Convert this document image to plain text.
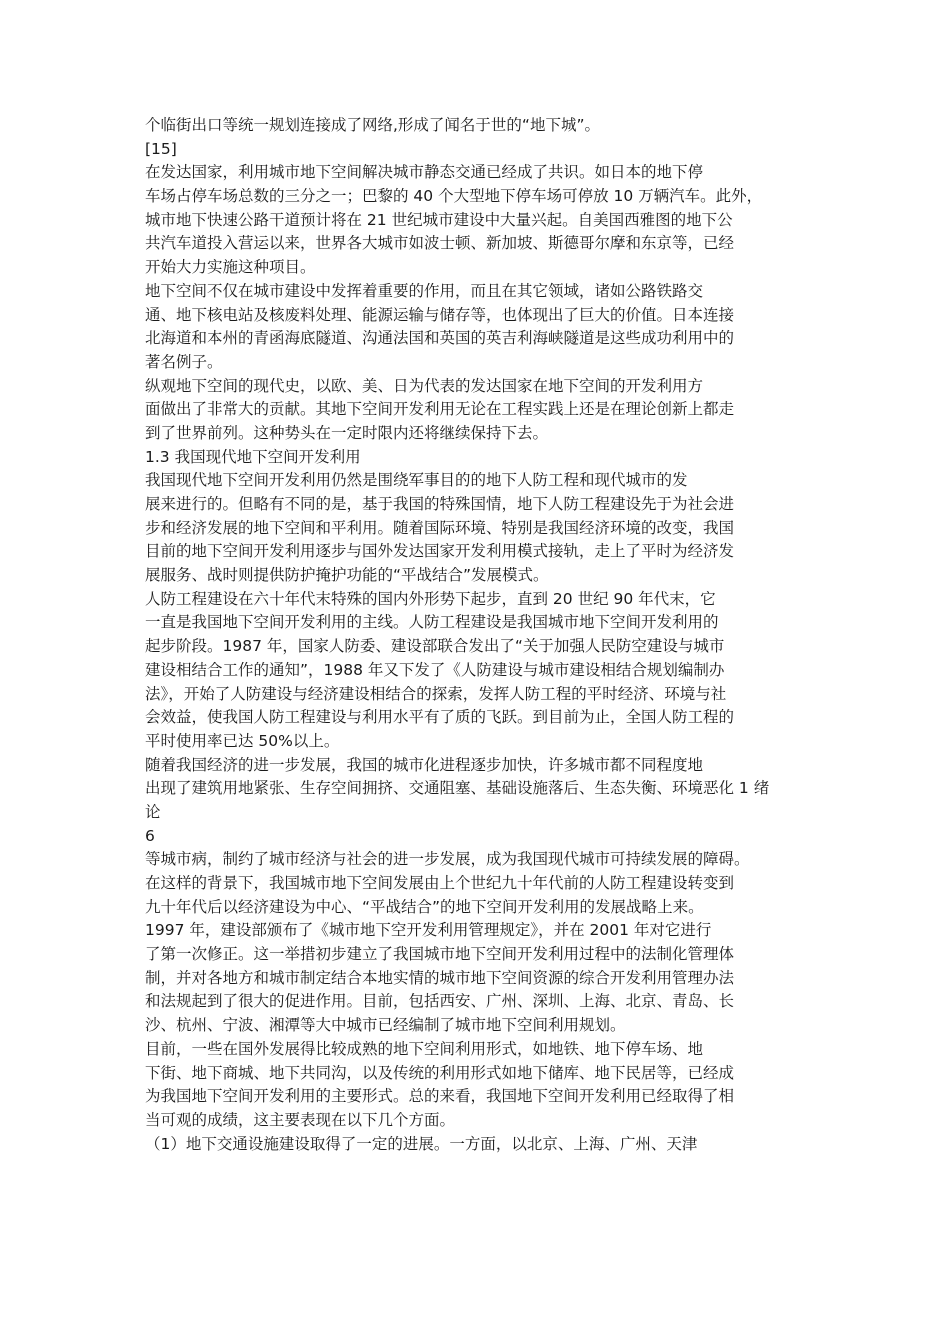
个临街出口等统一规划连接成了网络,形成了闻名于世的“地下城”。
[15]
在发达国家，利用城市地下空间解决城市静态交通已经成了共识。如日本的地下停
车场占停车场总数的三分之一；巴黎的 40 个大型地下停车场可停放 10 万辆汽车。此外，
城市地下快速公路干道预计将在 21 世纪城市建设中大量兴起。自美国西雅图的地下公
共汽车道投入营运以来，世界各大城市如波士顿、新加坡、斯德哥尔摩和东京等，已经
开始大力实施这种项目。
地下空间不仅在城市建设中发挥着重要的作用，而且在其它领域，诸如公路铁路交
通、地下核电站及核废料处理、能源运输与储存等，也体现出了巨大的价值。日本连接
北海道和本州的青函海底隧道、沟通法国和英国的英吉利海峡隧道是这些成功利用中的
著名例子。
纵观地下空间的现代史，以欧、美、日为代表的发达国家在地下空间的开发利用方
面做出了非常大的贡献。其地下空间开发利用无论在工程实践上还是在理论创新上都走
到了世界前列。这种势头在一定时限内还将继续保持下去。
1.3 我国现代地下空间开发利用
我国现代地下空间开发利用仍然是围绕军事目的的地下人防工程和现代城市的发
展来进行的。但略有不同的是，基于我国的特殊国情，地下人防工程建设先于为社会进
步和经济发展的地下空间和平利用。随着国际环境、特别是我国经济环境的改变，我国
目前的地下空间开发利用逐步与国外发达国家开发利用模式接轨，走上了平时为经济发
展服务、战时则提供防护掩护功能的“平战结合”发展模式。
人防工程建设在六十年代末特殊的国内外形势下起步，直到 20 世纪 90 年代末，它
一直是我国地下空间开发利用的主线。人防工程建设是我国城市地下空间开发利用的
起步阶段。1987 年，国家人防委、建设部联合发出了“关于加强人民防空建设与城市
建设相结合工作的通知”，1988 年又下发了《人防建设与城市建设相结合规划编制办
法》，开始了人防建设与经济建设相结合的探索，发挥人防工程的平时经济、环境与社
会效益，使我国人防工程建设与利用水平有了质的飞跃。到目前为止，全国人防工程的
平时使用率已达 50%以上。
随着我国经济的进一步发展，我国的城市化进程逐步加快，许多城市都不同程度地
出现了建筑用地紧张、生存空间拥挤、交通阻塞、基础设施落后、生态失衡、环境恶化 1 绪
论
6
等城市病，制约了城市经济与社会的进一步发展，成为我国现代城市可持续发展的障碍。
在这样的背景下，我国城市地下空间发展由上个世纪九十年代前的人防工程建设转变到
九十年代后以经济建设为中心、“平战结合”的地下空间开发利用的发展战略上来。
1997 年，建设部颁布了《城市地下空开发利用管理规定》，并在 2001 年对它进行
了第一次修正。这一举措初步建立了我国城市地下空间开发利用过程中的法制化管理体
制，并对各地方和城市制定结合本地实情的城市地下空间资源的综合开发利用管理办法
和法规起到了很大的促进作用。目前，包括西安、广州、深圳、上海、北京、青岛、长
沙、杭州、宁波、湘潭等大中城市已经编制了城市地下空间利用规划。
目前，一些在国外发展得比较成熟的地下空间利用形式，如地铁、地下停车场、地
下街、地下商城、地下共同沟，以及传统的利用形式如地下储库、地下民居等，已经成
为我国地下空间开发利用的主要形式。总的来看，我国地下空间开发利用已经取得了相
当可观的成绩，这主要表现在以下几个方面。
（1）地下交通设施建设取得了一定的进展。一方面，以北京、上海、广州、天津
